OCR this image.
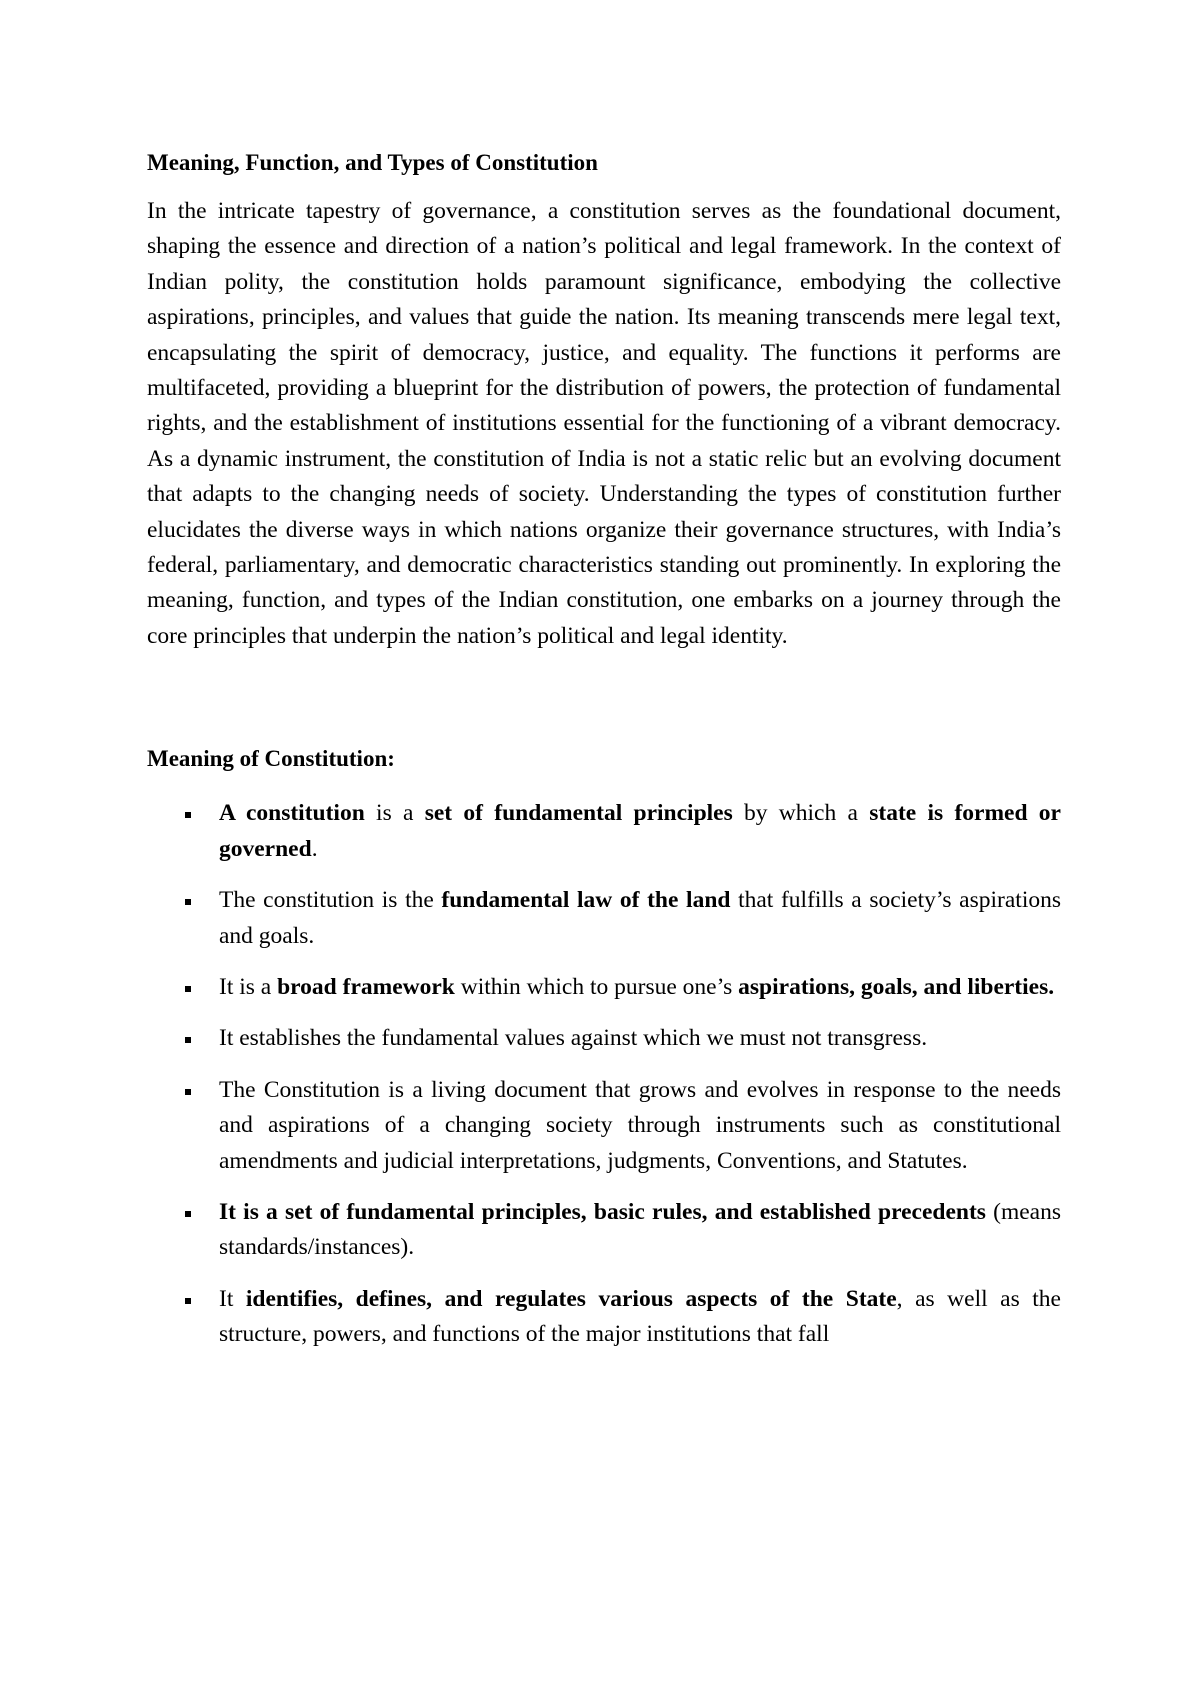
Meaning, Function, and Types of Constitution

In the intricate tapestry of governance, a constitution serves as the foundational document, shaping the essence and direction of a nation’s political and legal framework. In the context of Indian polity, the constitution holds paramount significance, embodying the collective aspirations, principles, and values that guide the nation. Its meaning transcends mere legal text, encapsulating the spirit of democracy, justice, and equality. The functions it performs are multifaceted, providing a blueprint for the distribution of powers, the protection of fundamental rights, and the establishment of institutions essential for the functioning of a vibrant democracy. As a dynamic instrument, the constitution of India is not a static relic but an evolving document that adapts to the changing needs of society. Understanding the types of constitution further elucidates the diverse ways in which nations organize their governance structures, with India’s federal, parliamentary, and democratic characteristics standing out prominently. In exploring the meaning, function, and types of the Indian constitution, one embarks on a journey through the core principles that underpin the nation’s political and legal identity.

Meaning of Constitution:
A constitution is a set of fundamental principles by which a state is formed or governed.
The constitution is the fundamental law of the land that fulfills a society’s aspirations and goals.
It is a broad framework within which to pursue one’s aspirations, goals, and liberties.
It establishes the fundamental values against which we must not transgress.
The Constitution is a living document that grows and evolves in response to the needs and aspirations of a changing society through instruments such as constitutional amendments and judicial interpretations, judgments, Conventions, and Statutes.
It is a set of fundamental principles, basic rules, and established precedents (means standards/instances).
It identifies, defines, and regulates various aspects of the State, as well as the structure, powers, and functions of the major institutions that fall
